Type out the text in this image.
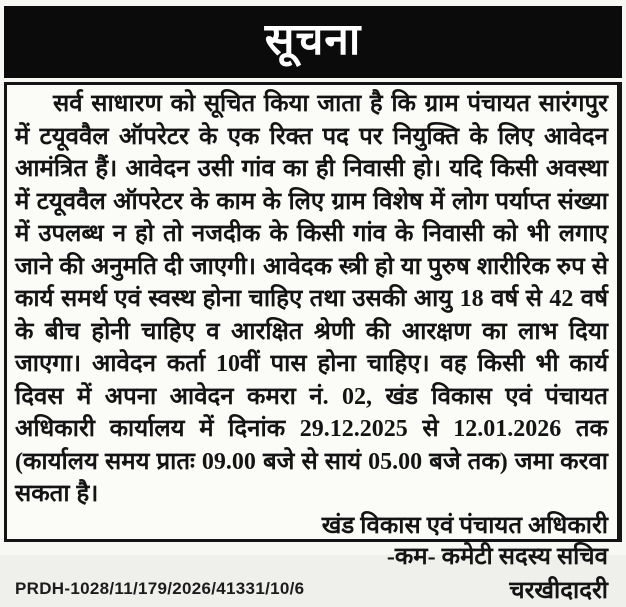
सूचना

सर्व साधारण को सूचित किया जाता है कि ग्राम पंचायत सारंगपुर में टयूववैल ऑपरेटर के एक रिक्त पद पर नियुक्ति के लिए आवेदन आमंत्रित हैं। आवेदन उसी गांव का ही निवासी हो। यदि किसी अवस्था में टयूववैल ऑपरेटर के काम के लिए ग्राम विशेष में लोग पर्याप्त संख्या में उपलब्ध न हो तो नजदीक के किसी गांव के निवासी को भी लगाए जाने की अनुमति दी जाएगी। आवेदक स्त्री हो या पुरुष शारीरिक रुप से कार्य समर्थ एवं स्वस्थ होना चाहिए तथा उसकी आयु 18 वर्ष से 42 वर्ष के बीच होनी चाहिए व आरक्षित श्रेणी की आरक्षण का लाभ दिया जाएगा। आवेदन कर्ता 10वीं पास होना चाहिए। वह किसी भी कार्य दिवस में अपना आवेदन कमरा नं. 02, खंड विकास एवं पंचायत अधिकारी कार्यालय में दिनांक 29.12.2025 से 12.01.2026 तक (कार्यालय समय प्रातः 09.00 बजे से सायं 05.00 बजे तक) जमा करवा सकता है।

खंड विकास एवं पंचायत अधिकारी
-कम- कमेटी सदस्य सचिव
PRDH-1028/11/179/2026/41331/10/6	चरखीदादरी
